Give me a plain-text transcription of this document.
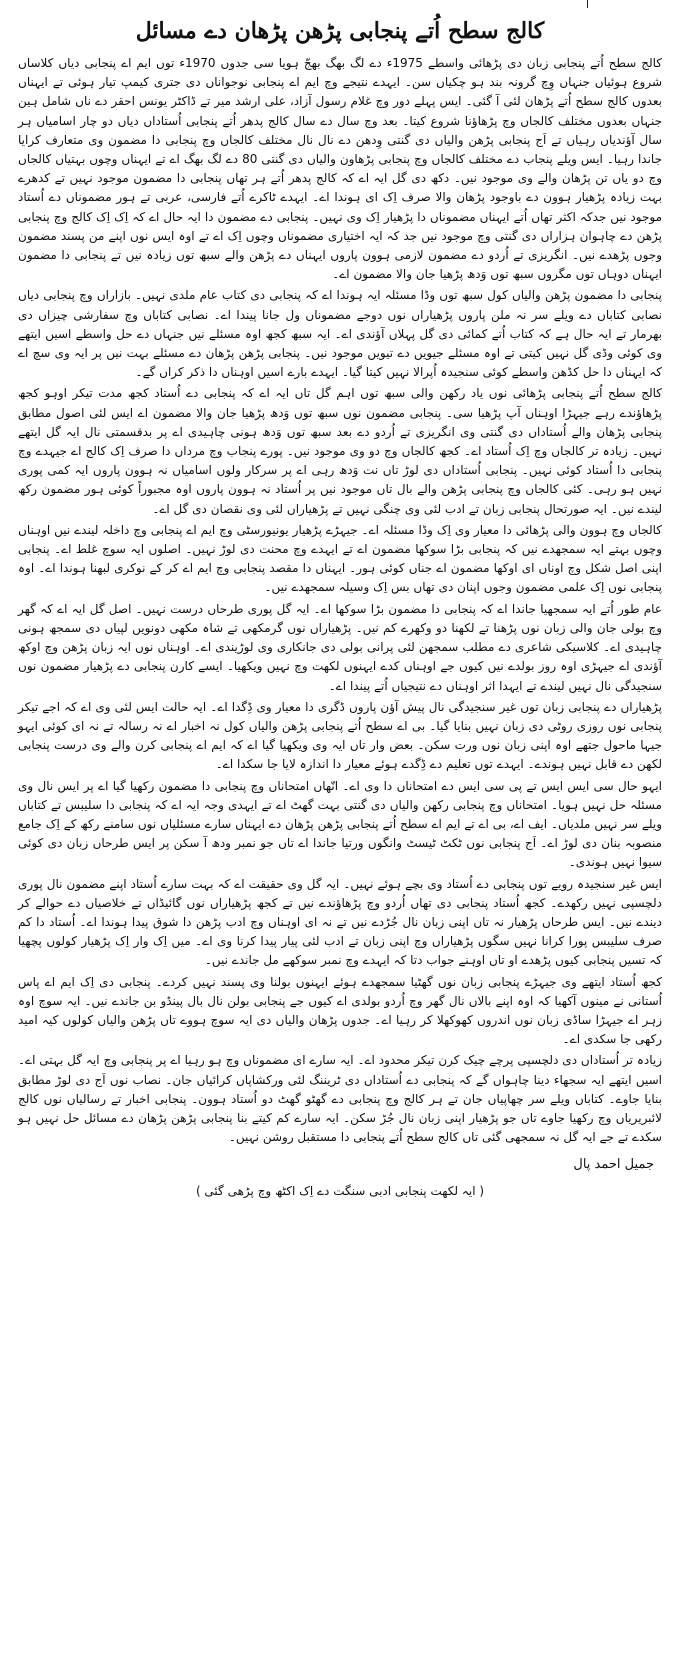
کالج سطح اُتے پنجابی پڑھن پڑھان دے مسائل

کالج سطح اُتے پنجابی زبان دی پڑھائی واسطے 1975ء دے لگ بھگ بھجّ ہویا سی جدوں 1970ء توں ایم اے پنجابی دیاں کلاساں شروع ہوئیاں جنہاں وِچ گرونہ بند ہو چکیاں سن۔ ایہدے نتیجے وچ ایم اے پنجابی نوجواناں دی جتری کیمپ تیار ہوئی تے ایہناں بعدوں کالج سطح اُتے پڑھان لئی آ گئی۔ ایس پہلے دور وچ غلام رسول آزاد، علی ارشد میر تے ڈاکٹر یونس احقر دے ناں شامل ہین جنہاں بعدوں مختلف کالجاں وچ پڑھاؤنا شروع کیتا۔ بعد وچ سال دے سال کالج پدھر اُتے پنجابی اُستاداں دیاں دو چار اسامیاں ہر سال آؤندیاں رہیاں تے اَج پنجابی پڑھن والیاں دی گنتی وِدھن دے نال نال مختلف کالجاں وچ پنجابی دا مضمون وی متعارف کرایا جاندا رہیا۔ ایس ویلے پنجاب دے مختلف کالجاں وچ پنجابی پڑھاون والیاں دی گنتی 80 دے لگ بھگ اے تے ایہناں وچوں بہتیاں کالجاں وچ دو یاں تن پڑھان والے وی موجود نیں۔ دکھ دی گل ایہ اے کہ کالج پدھر اُتے ہر تھاں پنجابی دا مضمون موجود نہیں تے کدھرے بہت زیادہ پڑھیار ہوون دے باوجود پڑھان والا صرف اِک ای ہوندا اے۔ ایہدے ٹاکرے اُتے فارسی، عربی تے ہور مضموناں دے اُستاد موجود نیں جدکہ اکثر تھاں اُتے ایہناں مضموناں دا پڑھیار اِک وی نہیں۔ پنجابی دے مضمون دا ایہ حال اے کہ اِک اِک کالج وچ پنجابی پڑھن دے چاہوان ہزاراں دی گنتی وچ موجود نیں جد کہ ایہ اختیاری مضموناں وچوں اِک اے تے اوہ ایس نوں اپنے من پسند مضمون وجوں پڑھدے نیں۔ انگریزی تے اُردو دے مضمون لازمی ہوون پاروں ایہناں دے پڑھن والے سبھ توں زیادہ نیں تے پنجابی دا مضمون ایہناں دوہاں توں مگروں سبھ توں وَدھ پڑھیا جان والا مضمون اے۔

پنجابی دا مضمون پڑھن والیاں کول سبھ توں وڈا مسئلہ ایہ ہوندا اے کہ پنجابی دی کتاب عام ملدی نہیں۔ بازاراں وچ پنجابی دیاں نصابی کتاباں دے ویلے سر نہ ملن پاروں پڑھیاراں نوں دوجے مضموناں ول جانا پیندا اے۔ نصابی کتاباں وچ سفارشی چیزاں دی بھرمار تے ایہ حال ہے کہ کتاب اُتے کمائی دی گل پہلاں آؤندی اے۔ ایہ سبھ کجھ اوہ مسئلے نیں جنہاں دے حل واسطے اسیں ایتھے وی کوئی وڈی گل نہیں کیتی تے اوہ مسئلے جیویں دے تیویں موجود نیں۔ پنجابی پڑھن پڑھان دے مسئلے بہت نیں پر ایہ وی سچ اے کہ ایہناں دا حل کڈھن واسطے کوئی سنجیدہ اُپرالا نہیں کیتا گیا۔ ایہدے بارے اسیں اوہناں دا ذکر کراں گے۔

کالج سطح اُتے پنجابی پڑھائی نوں یاد رکھن والی سبھ توں اہم گل تاں ایہ اے کہ پنجابی دے اُستاد کجھ مدت تیکر اوہو کجھ پڑھاؤندے رہے جیہڑا اوہناں آپ پڑھیا سی۔ پنجابی مضمون نوں سبھ توں وَدھ پڑھیا جان والا مضمون اے ایس لئی اصول مطابق پنجابی پڑھان والے اُستاداں دی گنتی وی انگریزی تے اُردو دے بعد سبھ توں وَدھ ہونی چاہیدی اے پر بدقسمتی نال ایہ گل ایتھے نہیں۔ زیادہ تر کالجاں وچ اِک اُستاد اے۔ کجھ کالجاں وچ دو وی موجود نیں۔ پورے پنجاب وچ مرداں دا صرف اِک کالج اے جیہدے وچ پنجابی دا اُستاد کوئی نہیں۔ پنجابی اُستاداں دی لوڑ تاں نت وَدھ رہی اے پر سرکار ولوں اسامیاں نہ ہوون پاروں ایہ کمی پوری نہیں ہو رہی۔ کئی کالجاں وچ پنجابی پڑھن والے بال تاں موجود نیں پر اُستاد نہ ہوون پاروں اوہ مجبوراً کوئی ہور مضمون رکھ لیندے نیں۔ ایہ صورتحال پنجابی زبان تے ادب لئی وی چنگی نہیں تے پڑھیاراں لئی وی نقصان دی گل اے۔

کالجاں وچ ہوون والی پڑھائی دا معیار وی اِک وڈا مسئلہ اے۔ جیہڑے پڑھیار یونیورسٹی وچ ایم اے پنجابی وچ داخلہ لیندے نیں اوہناں وچوں بہتے ایہ سمجھدے نیں کہ پنجابی بڑا سوکھا مضمون اے تے ایہدے وچ محنت دی لوڑ نہیں۔ اصلوں ایہ سوچ غلط اے۔ پنجابی اپنی اصل شکل وچ اوناں ای اوکھا مضمون اے جناں کوئی ہور۔ ایہناں دا مقصد پنجابی وچ ایم اے کر کے نوکری لبھنا ہوندا اے۔ اوہ پنجابی نوں اِک علمی مضمون وجوں اپنان دی تھاں بس اِک وسیلہ سمجھدے نیں۔

عام طور اُتے ایہ سمجھیا جاندا اے کہ پنجابی دا مضمون بڑا سوکھا اے۔ ایہ گل پوری طرحاں درست نہیں۔ اصل گل ایہ اے کہ گھر وچ بولی جان والی زبان نوں پڑھنا تے لکھنا دو وکھرے کم نیں۔ پڑھیاراں نوں گرمکھی تے شاہ مکھی دونویں لپیاں دی سمجھ ہونی چاہیدی اے۔ کلاسیکی شاعری دے مطلب سمجھن لئی پرانی بولی دی جانکاری وی لوڑیندی اے۔ اوہناں نوں ایہ زبان پڑھن وچ اوکھ آؤندی اے جیہڑی اوہ روز بولدے نیں کیوں جے اوہناں کدے ایہنوں لکھت وچ نہیں ویکھیا۔ ایسے کارن پنجابی دے پڑھیار مضمون نوں سنجیدگی نال نہیں لیندے تے ایہدا اثر اوہناں دے نتیجیاں اُتے پیندا اے۔

پڑھیاراں دے پنجابی زبان توں غیر سنجیدگی نال پیش آؤن پاروں ڈگری دا معیار وی ڈِگدا اے۔ ایہ حالت ایس لئی وی اے کہ اجے تیکر پنجابی نوں روزی روٹی دی زبان نہیں بنایا گیا۔ بی اے سطح اُتے پنجابی پڑھن والیاں کول نہ اخبار اے نہ رسالہ تے نہ ای کوئی ایہو جیہا ماحول جتھے اوہ اپنی زبان نوں ورت سکن۔ بعض وار تاں ایہ وی ویکھیا گیا اے کہ ایم اے پنجابی کرن والے وی درست پنجابی لکھن دے قابل نہیں ہوندے۔ ایہدے توں تعلیم دے ڈِگدے ہوئے معیار دا اندازہ لایا جا سکدا اے۔

ایہو حال سی ایس ایس تے پی سی ایس دے امتحاناں دا وی اے۔ انّھاں امتحاناں وچ پنجابی دا مضمون رکھیا گیا اے پر ایس نال وی مسئلہ حل نہیں ہویا۔ امتحاناں وچ پنجابی رکھن والیاں دی گنتی بہت گھٹ اے تے ایہدی وجہ ایہ اے کہ پنجابی دا سلیبس تے کتاباں ویلے سر نہیں ملدیاں۔ ایف اے، بی اے تے ایم اے سطح اُتے پنجابی پڑھن پڑھان دے ایہناں سارے مسئلیاں نوں سامنے رکھ کے اِک جامع منصوبہ بنان دی لوڑ اے۔ اَج پنجابی نوں ٹکٹ ٹیسٹ وانگوں ورتیا جاندا اے تاں جو نمبر ودھ آ سکن پر ایس طرحاں زبان دی کوئی سیوا نہیں ہوندی۔

ایس غیر سنجیدہ رویے توں پنجابی دے اُستاد وی بچے ہوئے نہیں۔ ایہ گل وی حقیقت اے کہ بہت سارے اُستاد اپنے مضمون نال پوری دلچسپی نہیں رکھدے۔ کجھ اُستاد پنجابی دی تھاں اُردو وچ پڑھاؤندے نیں تے کجھ پڑھیاراں نوں گائیڈاں تے خلاصیاں دے حوالے کر دیندے نیں۔ ایس طرحاں پڑھیار نہ تاں اپنی زبان نال جُڑدے نیں تے نہ ای اوہناں وچ ادب پڑھن دا شوق پیدا ہوندا اے۔ اُستاد دا کم صرف سلیبس پورا کرانا نہیں سگوں پڑھیاراں وچ اپنی زبان تے ادب لئی پیار پیدا کرنا وی اے۔ میں اِک وار اِک پڑھیار کولوں پچھیا کہ تسیں پنجابی کیوں پڑھدے او تاں اوہنے جواب دتا کہ ایہدے وچ نمبر سوکھے مل جاندے نیں۔

کجھ اُستاد ایتھے وی جیہڑے پنجابی زبان نوں گھٹیا سمجھدے ہوئے ایہنوں بولنا وی پسند نہیں کردے۔ پنجابی دی اِک ایم اے پاس اُستانی نے مینوں آکھیا کہ اوہ اپنے بالاں نال گھر وچ اُردو بولدی اے کیوں جے پنجابی بولن نال بال پینڈو بن جاندے نیں۔ ایہ سوچ اوہ زہر اے جیہڑا ساڈی زبان نوں اندروں کھوکھلا کر رہیا اے۔ جدوں پڑھان والیاں دی ایہ سوچ ہووے تاں پڑھن والیاں کولوں کیہ امید رکھی جا سکدی اے۔

زیادہ تر اُستاداں دی دلچسپی پرچے چیک کرن تیکر محدود اے۔ ایہ سارے ای مضموناں وچ ہو رہیا اے پر پنجابی وچ ایہ گل بہتی اے۔ اسیں ایتھے ایہ سجھاء دینا چاہواں گے کہ پنجابی دے اُستاداں دی ٹریننگ لئی ورکشاپاں کرائیاں جان۔ نصاب نوں اَج دی لوڑ مطابق بنایا جاوے۔ کتاباں ویلے سر چھاپیاں جان تے ہر کالج وچ پنجابی دے گھٹو گھٹ دو اُستاد ہوون۔ پنجابی اخبار تے رسالیاں نوں کالج لائبریریاں وچ رکھیا جاوے تاں جو پڑھیار اپنی زبان نال جُڑ سکن۔ ایہ سارے کم کیتے بنا پنجابی پڑھن پڑھان دے مسائل حل نہیں ہو سکدے تے جے ایہ گل نہ سمجھی گئی تاں کالج سطح اُتے پنجابی دا مستقبل روشن نہیں۔

جمیل احمد پال
( ایہ لکھت پنجابی ادبی سنگت دے اِک اکٹھ وچ پڑھی گئی )
